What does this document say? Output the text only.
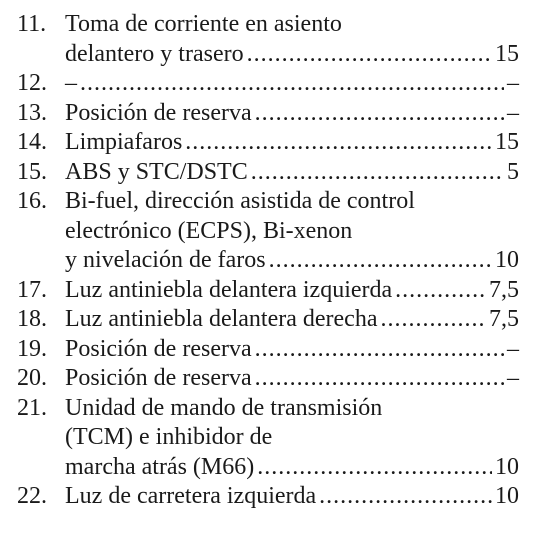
11. Toma de corriente en asiento
delantero y trasero .....	15
12. – .....	–
13. Posición de reserva .....	–
14. Limpiafaros .....	15
15. ABS y STC/DSTC .....	5
16. Bi-fuel, dirección asistida de control
electrónico (ECPS), Bi-xenon
y nivelación de faros .....	10
17. Luz antiniebla delantera izquierda .....	7,5
18. Luz antiniebla delantera derecha .....	7,5
19. Posición de reserva .....	–
20. Posición de reserva .....	–
21. Unidad de mando de transmisión
(TCM) e inhibidor de
marcha atrás (M66) .....	10
22. Luz de carretera izquierda .....	10
